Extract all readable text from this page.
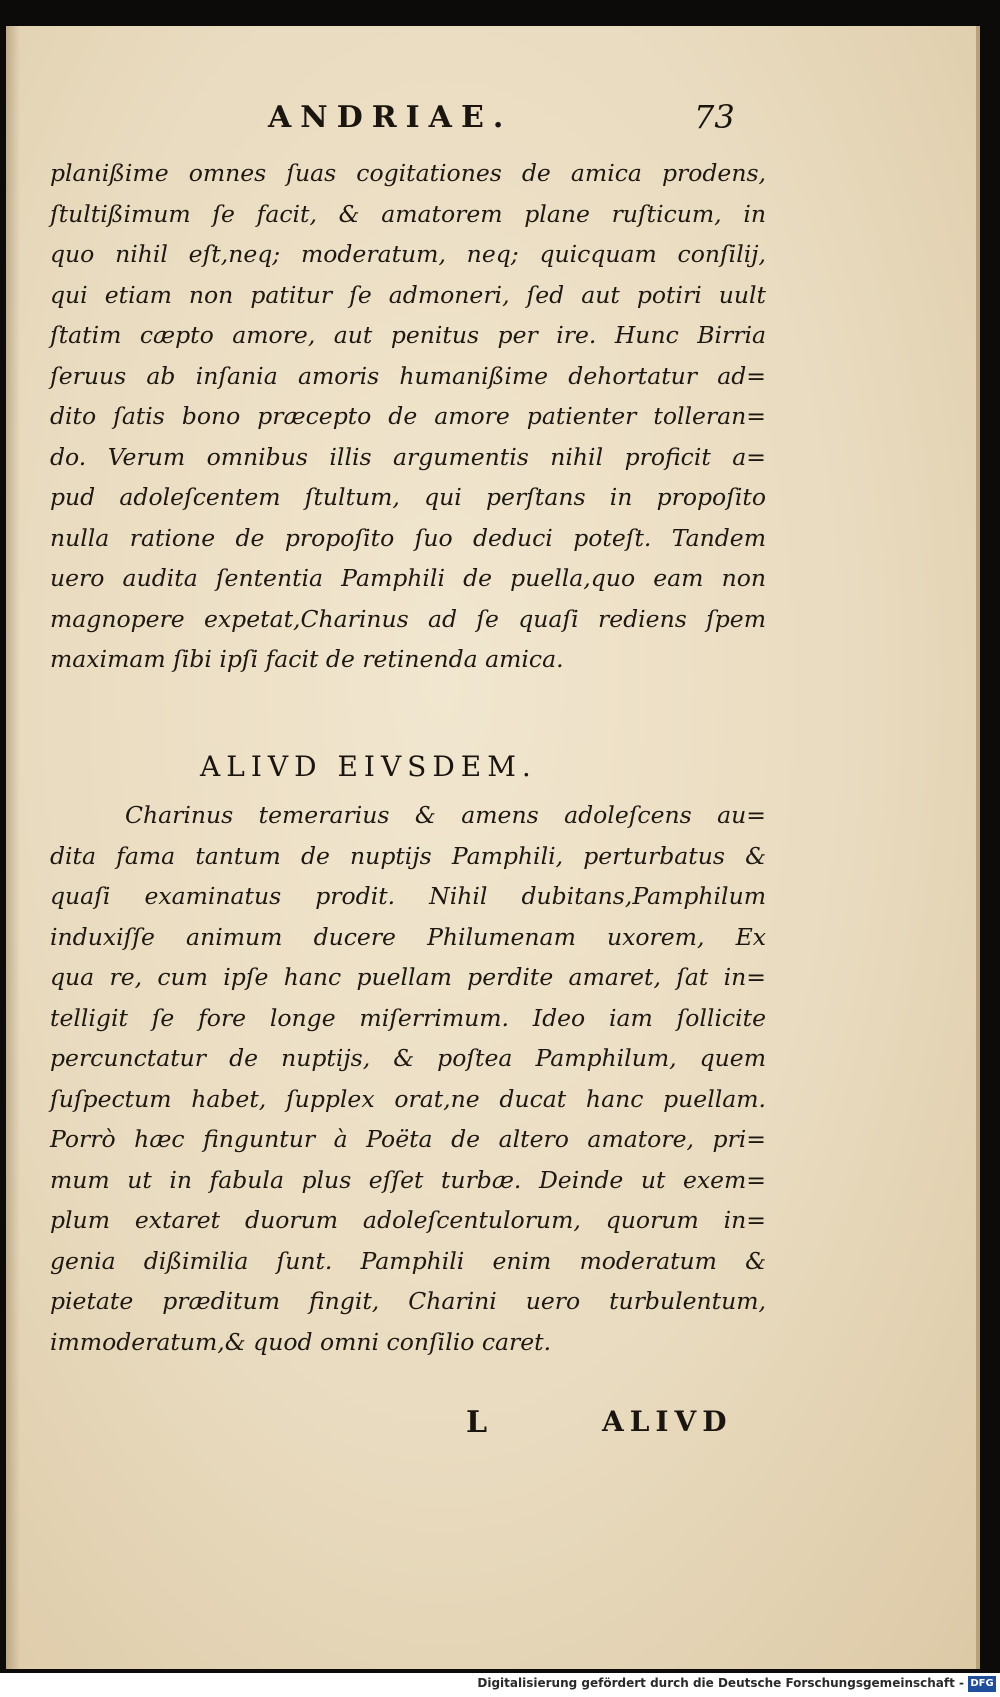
ANDRIAE.	73
planißime omnes ſuas cogitationes de amica prodens,
ſtultißimum ſe facit, & amatorem plane ruſticum, in
quo nihil eſt,neq; moderatum, neq; quicquam conſilij,
qui etiam non patitur ſe admoneri, ſed aut potiri uult
ſtatim cæpto amore, aut penitus per ire. Hunc Birria
ſeruus ab inſania amoris humanißime dehortatur ad=
dito ſatis bono præcepto de amore patienter tolleran=
do. Verum omnibus illis argumentis nihil proficit a=
pud adoleſcentem ſtultum, qui perſtans in propoſito
nulla ratione de propoſito ſuo deduci poteſt. Tandem
uero audita ſententia Pamphili de puella,quo eam non
magnopere expetat,Charinus ad ſe quaſi rediens ſpem
maximam ſibi ipſi facit de retinenda amica.
ALIVD EIVSDEM.
Charinus temerarius & amens adoleſcens au=
dita fama tantum de nuptijs Pamphili, perturbatus &
quaſi examinatus prodit. Nihil dubitans,Pamphilum
induxiſſe animum ducere Philumenam uxorem, Ex
qua re, cum ipſe hanc puellam perdite amaret, ſat in=
telligit ſe fore longe miſerrimum. Ideo iam ſollicite
percunctatur de nuptijs, & poſtea Pamphilum, quem
ſuſpectum habet, ſupplex orat,ne ducat hanc puellam.
Porrò hæc finguntur à Poëta de altero amatore, pri=
mum ut in fabula plus eſſet turbæ. Deinde ut exem=
plum extaret duorum adoleſcentulorum, quorum in=
genia dißimilia ſunt. Pamphili enim moderatum &
pietate præditum fingit, Charini uero turbulentum,
immoderatum,& quod omni conſilio caret.
L	ALIVD
Digitalisierung gefördert durch die Deutsche Forschungsgemeinschaft - DFG
